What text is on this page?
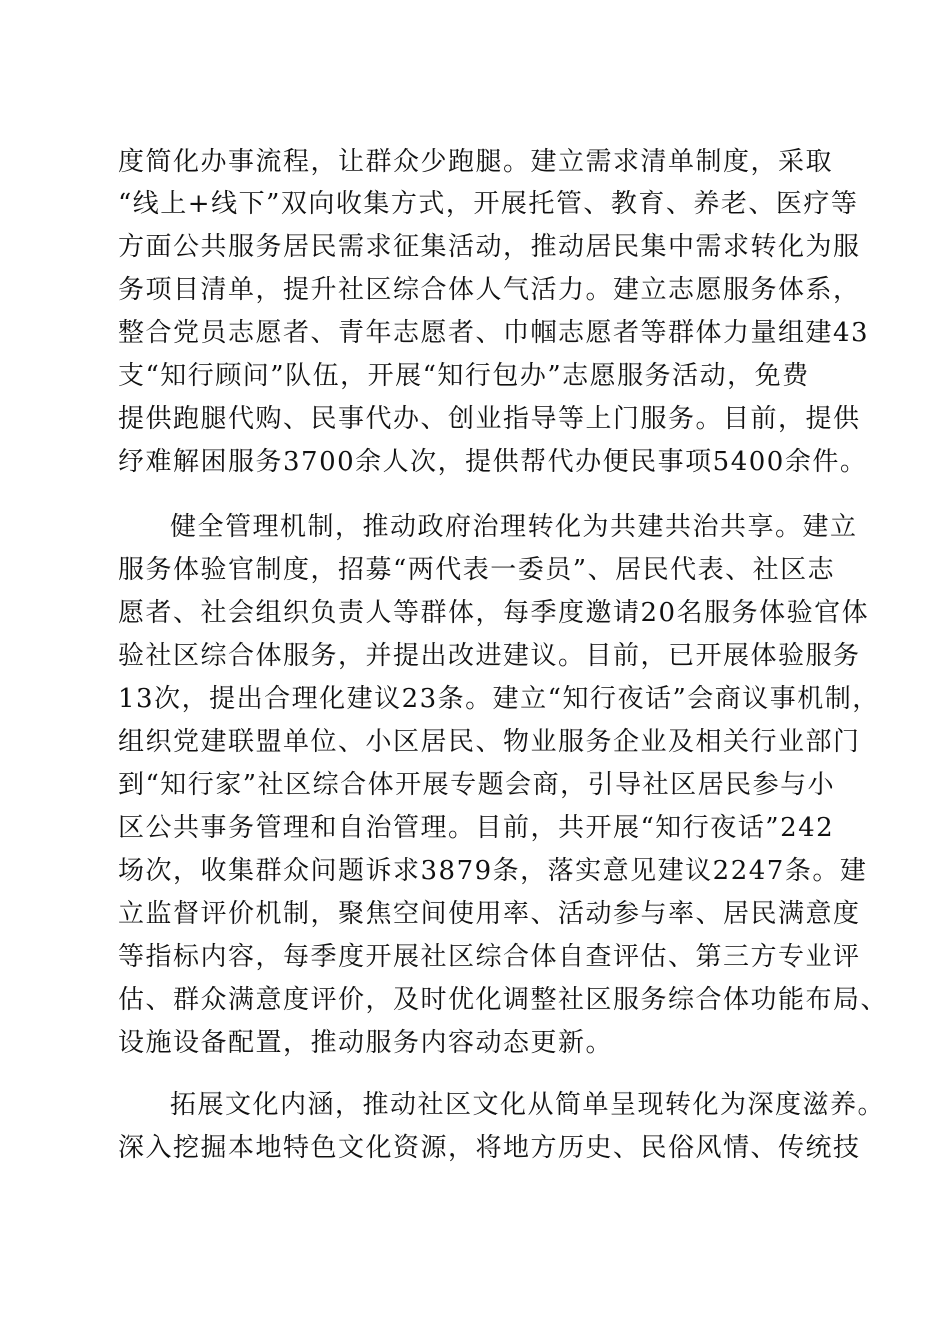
度简化办事流程，让群众少跑腿。建立需求清单制度，采取
“线上+线下”双向收集方式，开展托管、教育、养老、医疗等
方面公共服务居民需求征集活动，推动居民集中需求转化为服
务项目清单，提升社区综合体人气活力。建立志愿服务体系，
整合党员志愿者、青年志愿者、巾帼志愿者等群体力量组建43
支“知行顾问”队伍，开展“知行包办”志愿服务活动，免费
提供跑腿代购、民事代办、创业指导等上门服务。目前，提供
纾难解困服务3700余人次，提供帮代办便民事项5400余件。
健全管理机制，推动政府治理转化为共建共治共享。建立
服务体验官制度，招募“两代表一委员”、居民代表、社区志
愿者、社会组织负责人等群体，每季度邀请20名服务体验官体
验社区综合体服务，并提出改进建议。目前，已开展体验服务
13次，提出合理化建议23条。建立“知行夜话”会商议事机制，
组织党建联盟单位、小区居民、物业服务企业及相关行业部门
到“知行家”社区综合体开展专题会商，引导社区居民参与小
区公共事务管理和自治管理。目前，共开展“知行夜话”242
场次，收集群众问题诉求3879条，落实意见建议2247条。建
立监督评价机制，聚焦空间使用率、活动参与率、居民满意度
等指标内容，每季度开展社区综合体自查评估、第三方专业评
估、群众满意度评价，及时优化调整社区服务综合体功能布局、
设施设备配置，推动服务内容动态更新。
拓展文化内涵，推动社区文化从简单呈现转化为深度滋养。
深入挖掘本地特色文化资源，将地方历史、民俗风情、传统技
